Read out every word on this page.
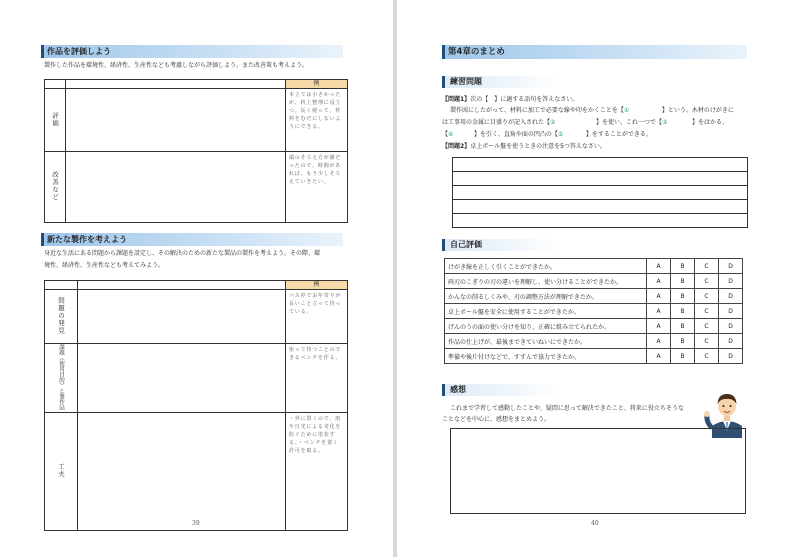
作品を評価しよう
製作した作品を環境性、経済性、生産性なども考慮しながら評価しよう。また改善策も考えよう。
		例
評価		本立ては小さかったが、机上整理に役立つ。長く使って、材料をむだにしないようにできる。
改善など		端のそろえ方が雑だったので、時間があれば、もう少しそろえていきたい。
新たな製作を考えよう
身近な生活にある問題から課題を設定し、その解決のための新たな製品の製作を考えよう。その際、環
境性、経済性、生産性なども考えてみよう。
		例
問題の発見		バス停でお年寄りが長いこと立って待っている。
課題（使用目的）と製作品		座って待つことのできるベンチを作る。
工夫		・外に置くので、雨や日光による劣化を防ぐために塗装する。・ベンチを置く許可を取る。
39
第4章のまとめ
練習問題
【問題1】次の【　】に適する語句を答えなさい。
製作図にしたがって、材料に加工で必要な線や印をかくことを【①	】という。木材のけがきに
は工事用の金属に目盛りが記入された【②	】を使い、これ一つで【③	】をはかる、
【④	】を引く、直角や面の凹凸の【⑤	】をすることができる。
【問題2】卓上ボール盤を使うときの注意を5つ答えなさい。

自己評価
けがき線を正しく引くことができたか。	A	B	C	D
両刃のこぎりの刃の違いを理解し、使い分けることができたか。	A	B	C	D
かんなの削るしくみや、刃の調整方法が理解できたか。	A	B	C	D
卓上ボール盤を安全に使用することができたか。	A	B	C	D
げんのうの面の使い分けを知り、正確に組み立てられたか。	A	B	C	D
作品の仕上げが、最後まできていねいにできたか。	A	B	C	D
準備や後片付けなどで、すすんで協力できたか。	A	B	C	D
感想
これまで学習して感動したことや、疑問に思って解決できたこと、将来に役立ちそうな
ことなどを中心に、感想をまとめよう。
40
